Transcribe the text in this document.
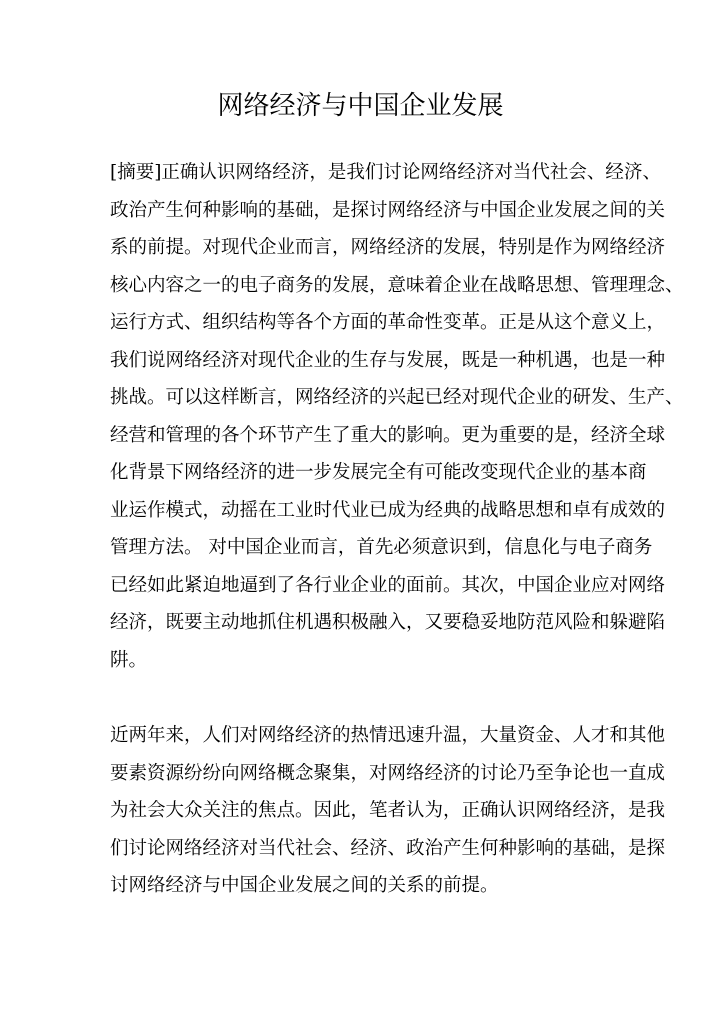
网络经济与中国企业发展
[摘要]正确认识网络经济，是我们讨论网络经济对当代社会、经济、
政治产生何种影响的基础，是探讨网络经济与中国企业发展之间的关
系的前提。对现代企业而言，网络经济的发展，特别是作为网络经济
核心内容之一的电子商务的发展，意味着企业在战略思想、管理理念、
运行方式、组织结构等各个方面的革命性变革。正是从这个意义上，
我们说网络经济对现代企业的生存与发展，既是一种机遇，也是一种
挑战。可以这样断言，网络经济的兴起已经对现代企业的研发、生产、
经营和管理的各个环节产生了重大的影响。更为重要的是，经济全球
化背景下网络经济的进一步发展完全有可能改变现代企业的基本商
业运作模式，动摇在工业时代业已成为经典的战略思想和卓有成效的
管理方法。 对中国企业而言，首先必须意识到，信息化与电子商务
已经如此紧迫地逼到了各行业企业的面前。其次，中国企业应对网络
经济，既要主动地抓住机遇积极融入，又要稳妥地防范风险和躲避陷
阱。
近两年来，人们对网络经济的热情迅速升温，大量资金、人才和其他
要素资源纷纷向网络概念聚集，对网络经济的讨论乃至争论也一直成
为社会大众关注的焦点。因此，笔者认为，正确认识网络经济，是我
们讨论网络经济对当代社会、经济、政治产生何种影响的基础，是探
讨网络经济与中国企业发展之间的关系的前提。
